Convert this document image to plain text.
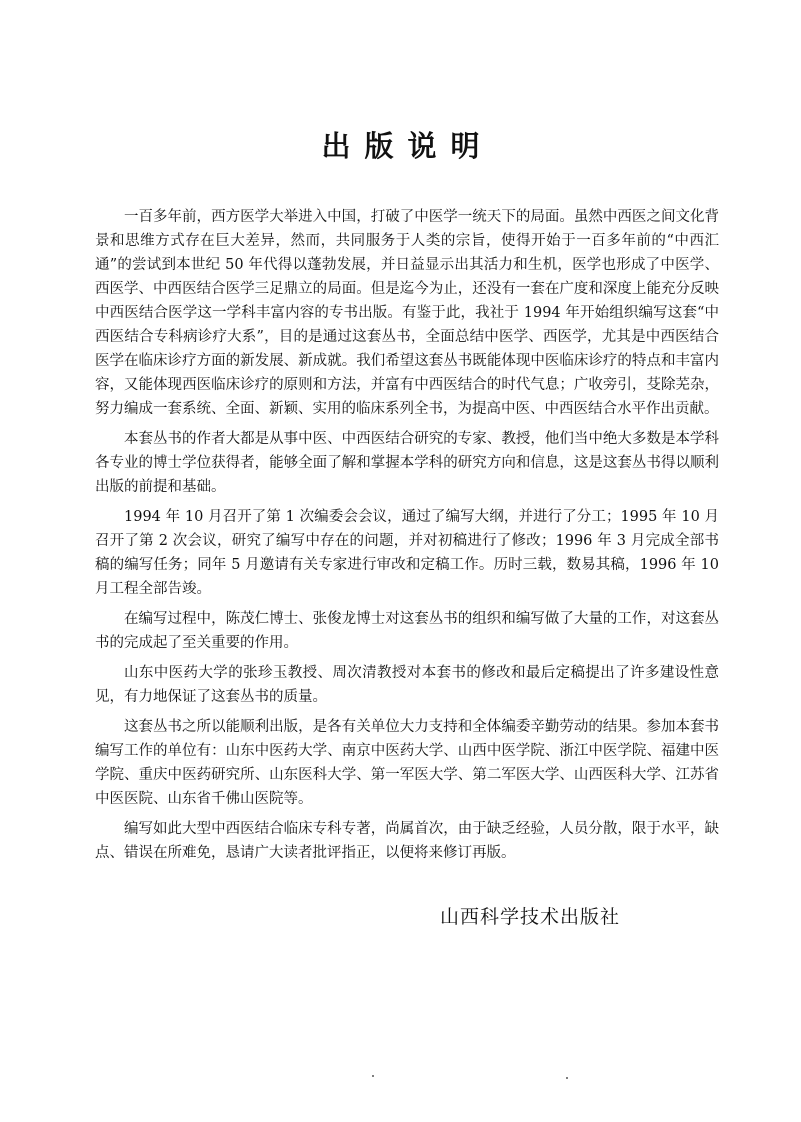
出版说明

一百多年前，西方医学大举进入中国，打破了中医学一统天下的局面。虽然中西医之间文化背景和思维方式存在巨大差异，然而，共同服务于人类的宗旨，使得开始于一百多年前的“中西汇通”的尝试到本世纪 50 年代得以蓬勃发展，并日益显示出其活力和生机，医学也形成了中医学、西医学、中西医结合医学三足鼎立的局面。但是迄今为止，还没有一套在广度和深度上能充分反映中西医结合医学这一学科丰富内容的专书出版。有鉴于此，我社于 1994 年开始组织编写这套“中西医结合专科病诊疗大系”，目的是通过这套丛书，全面总结中医学、西医学，尤其是中西医结合医学在临床诊疗方面的新发展、新成就。我们希望这套丛书既能体现中医临床诊疗的特点和丰富内容，又能体现西医临床诊疗的原则和方法，并富有中西医结合的时代气息；广收旁引，芟除芜杂，努力编成一套系统、全面、新颖、实用的临床系列全书，为提高中医、中西医结合水平作出贡献。

本套丛书的作者大都是从事中医、中西医结合研究的专家、教授，他们当中绝大多数是本学科各专业的博士学位获得者，能够全面了解和掌握本学科的研究方向和信息，这是这套丛书得以顺利出版的前提和基础。

1994 年 10 月召开了第 1 次编委会会议，通过了编写大纲，并进行了分工；1995 年 10 月召开了第 2 次会议，研究了编写中存在的问题，并对初稿进行了修改；1996 年 3 月完成全部书稿的编写任务；同年 5 月邀请有关专家进行审改和定稿工作。历时三载，数易其稿，1996 年 10 月工程全部告竣。

在编写过程中，陈茂仁博士、张俊龙博士对这套丛书的组织和编写做了大量的工作，对这套丛书的完成起了至关重要的作用。

山东中医药大学的张珍玉教授、周次清教授对本套书的修改和最后定稿提出了许多建设性意见，有力地保证了这套丛书的质量。

这套丛书之所以能顺利出版，是各有关单位大力支持和全体编委辛勤劳动的结果。参加本套书编写工作的单位有：山东中医药大学、南京中医药大学、山西中医学院、浙江中医学院、福建中医学院、重庆中医药研究所、山东医科大学、第一军医大学、第二军医大学、山西医科大学、江苏省中医医院、山东省千佛山医院等。

编写如此大型中西医结合临床专科专著，尚属首次，由于缺乏经验，人员分散，限于水平，缺点、错误在所难免，恳请广大读者批评指正，以便将来修订再版。

山西科学技术出版社
